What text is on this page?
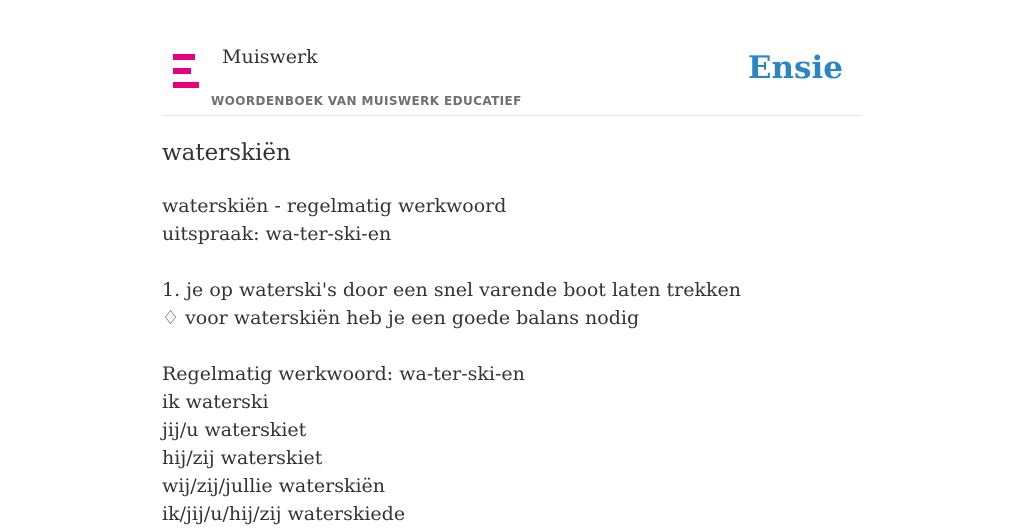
Muiswerk
WOORDENBOEK VAN MUISWERK EDUCATIEF
Ensie
waterskiën
waterskiën - regelmatig werkwoord
uitspraak: wa-ter-ski-en
1. je op waterski's door een snel varende boot laten trekken
♢ voor waterskiën heb je een goede balans nodig
Regelmatig werkwoord: wa-ter-ski-en
ik waterski
jij/u waterskiet
hij/zij waterskiet
wij/zij/jullie waterskiën
ik/jij/u/hij/zij waterskiede
